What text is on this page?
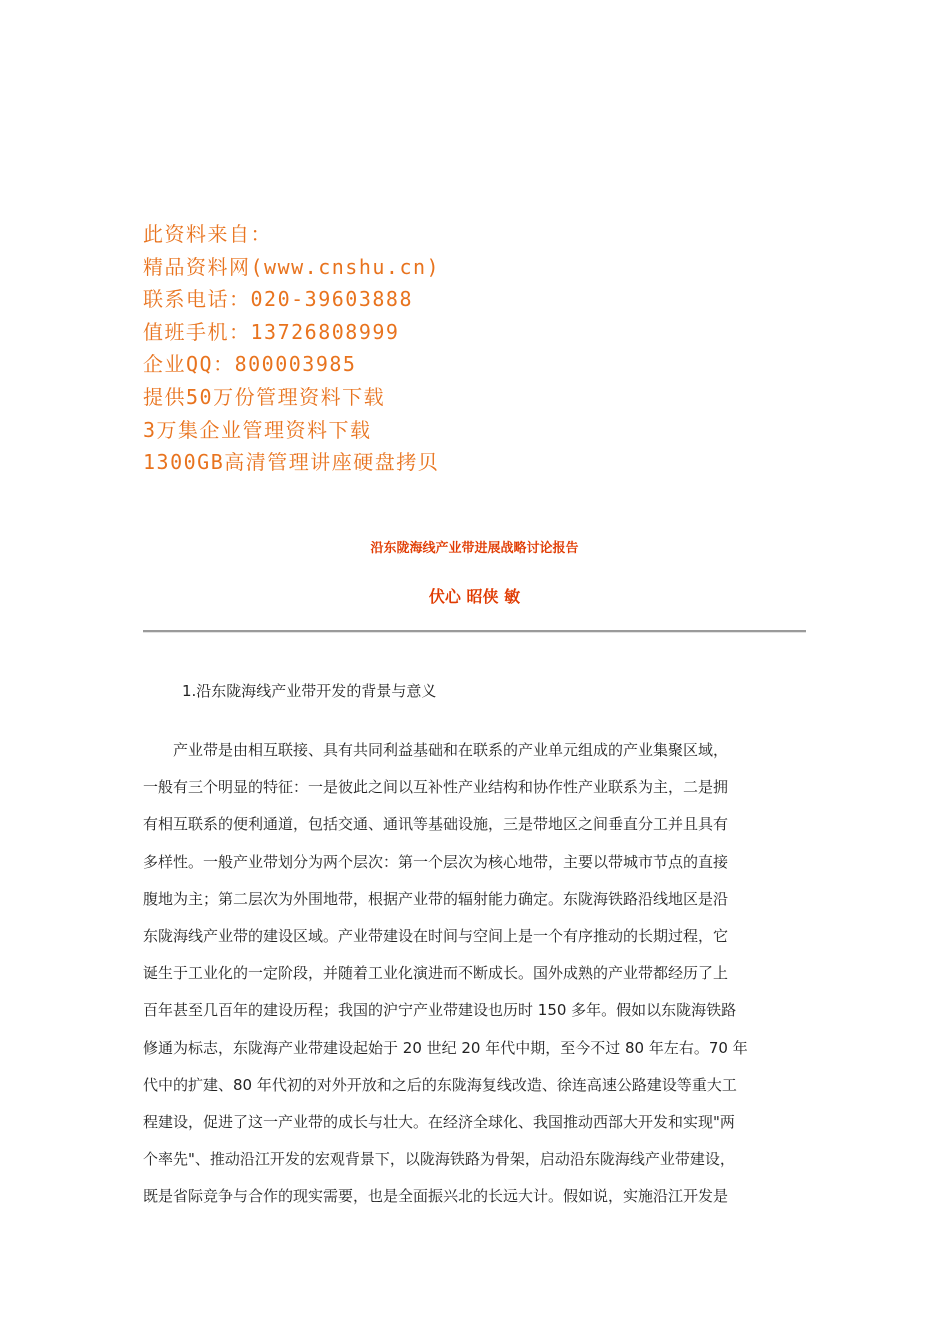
此资料来自：
精品资料网(www.cnshu.cn)
联系电话：020-39603888
值班手机：13726808999
企业QQ：800003985
提供50万份管理资料下载
3万集企业管理资料下载
1300GB高清管理讲座硬盘拷贝
沿东陇海线产业带进展战略讨论报告
伏心 昭侠 敏
1.沿东陇海线产业带开发的背景与意义
　　产业带是由相互联接、具有共同利益基础和在联系的产业单元组成的产业集聚区域，
一般有三个明显的特征：一是彼此之间以互补性产业结构和协作性产业联系为主，二是拥
有相互联系的便利通道，包括交通、通讯等基础设施，三是带地区之间垂直分工并且具有
多样性。一般产业带划分为两个层次：第一个层次为核心地带，主要以带城市节点的直接
腹地为主；第二层次为外围地带，根据产业带的辐射能力确定。东陇海铁路沿线地区是沿
东陇海线产业带的建设区域。产业带建设在时间与空间上是一个有序推动的长期过程，它
诞生于工业化的一定阶段，并随着工业化演进而不断成长。国外成熟的产业带都经历了上
百年甚至几百年的建设历程；我国的沪宁产业带建设也历时 150 多年。假如以东陇海铁路
修通为标志，东陇海产业带建设起始于 20 世纪 20 年代中期，至今不过 80 年左右。70 年
代中的扩建、80 年代初的对外开放和之后的东陇海复线改造、徐连高速公路建设等重大工
程建设，促进了这一产业带的成长与壮大。在经济全球化、我国推动西部大开发和实现"两
个率先"、推动沿江开发的宏观背景下，以陇海铁路为骨架，启动沿东陇海线产业带建设，
既是省际竞争与合作的现实需要，也是全面振兴北的长远大计。假如说，实施沿江开发是
